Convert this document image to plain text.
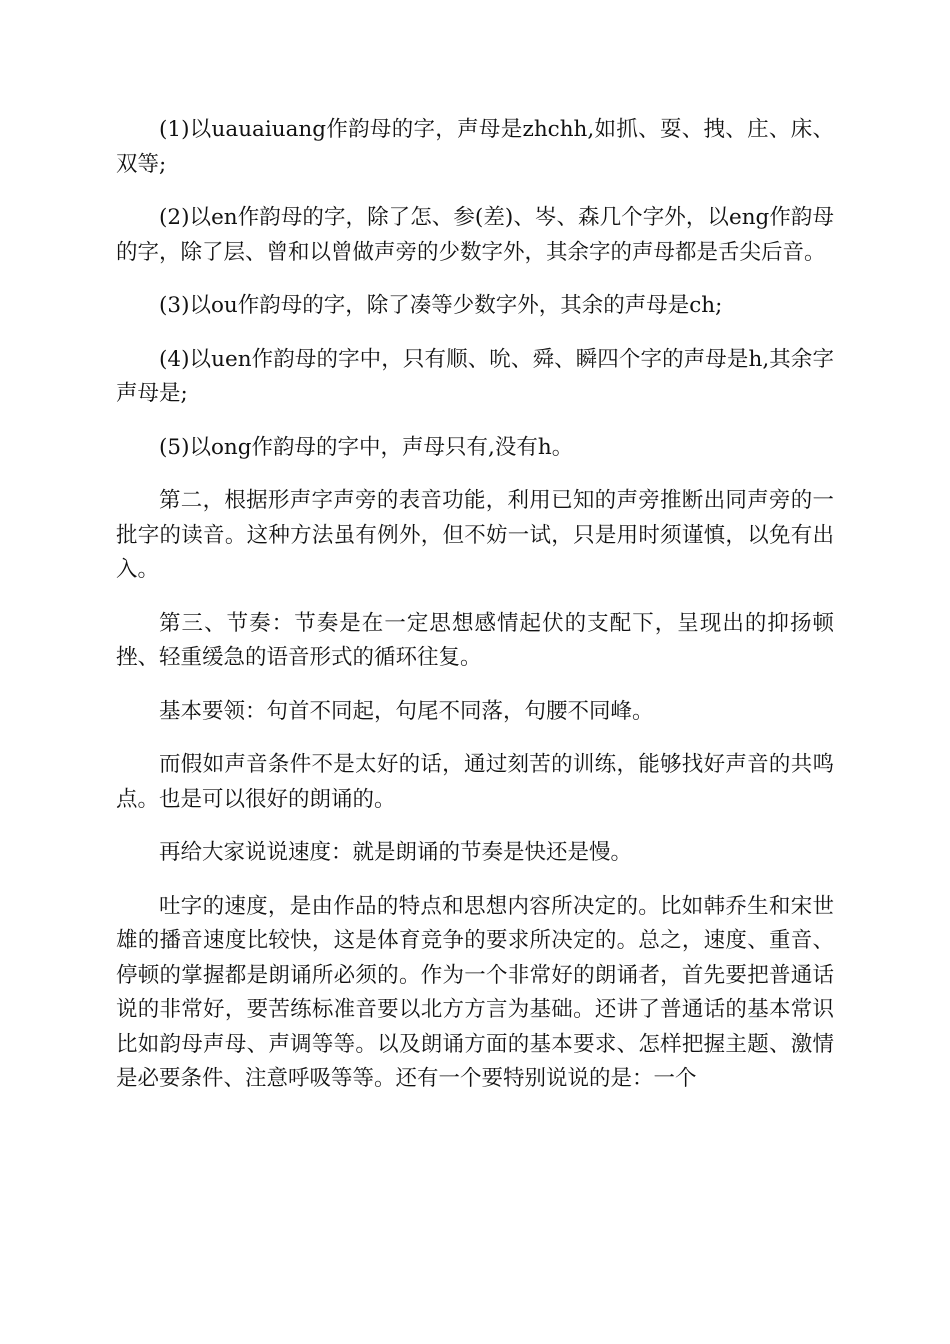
(1)以uauaiuang作韵母的字，声母是zhchh,如抓、耍、拽、庄、床、双等;

(2)以en作韵母的字，除了怎、参(差)、岑、森几个字外，以eng作韵母的字，除了层、曾和以曾做声旁的少数字外，其余字的声母都是舌尖后音。

(3)以ou作韵母的字，除了凑等少数字外，其余的声母是ch;

(4)以uen作韵母的字中，只有顺、吮、舜、瞬四个字的声母是h,其余字声母是;

(5)以ong作韵母的字中，声母只有,没有h。

第二，根据形声字声旁的表音功能，利用已知的声旁推断出同声旁的一批字的读音。这种方法虽有例外，但不妨一试，只是用时须谨慎，以免有出入。

第三、节奏：节奏是在一定思想感情起伏的支配下，呈现出的抑扬顿挫、轻重缓急的语音形式的循环往复。

基本要领：句首不同起，句尾不同落，句腰不同峰。

而假如声音条件不是太好的话，通过刻苦的训练，能够找好声音的共鸣点。也是可以很好的朗诵的。

再给大家说说速度：就是朗诵的节奏是快还是慢。

吐字的速度，是由作品的特点和思想内容所决定的。比如韩乔生和宋世雄的播音速度比较快，这是体育竞争的要求所决定的。总之，速度、重音、停顿的掌握都是朗诵所必须的。作为一个非常好的朗诵者，首先要把普通话说的非常好，要苦练标准音要以北方方言为基础。还讲了普通话的基本常识比如韵母声母、声调等等。以及朗诵方面的基本要求、怎样把握主题、激情是必要条件、注意呼吸等等。还有一个要特别说说的是：一个
